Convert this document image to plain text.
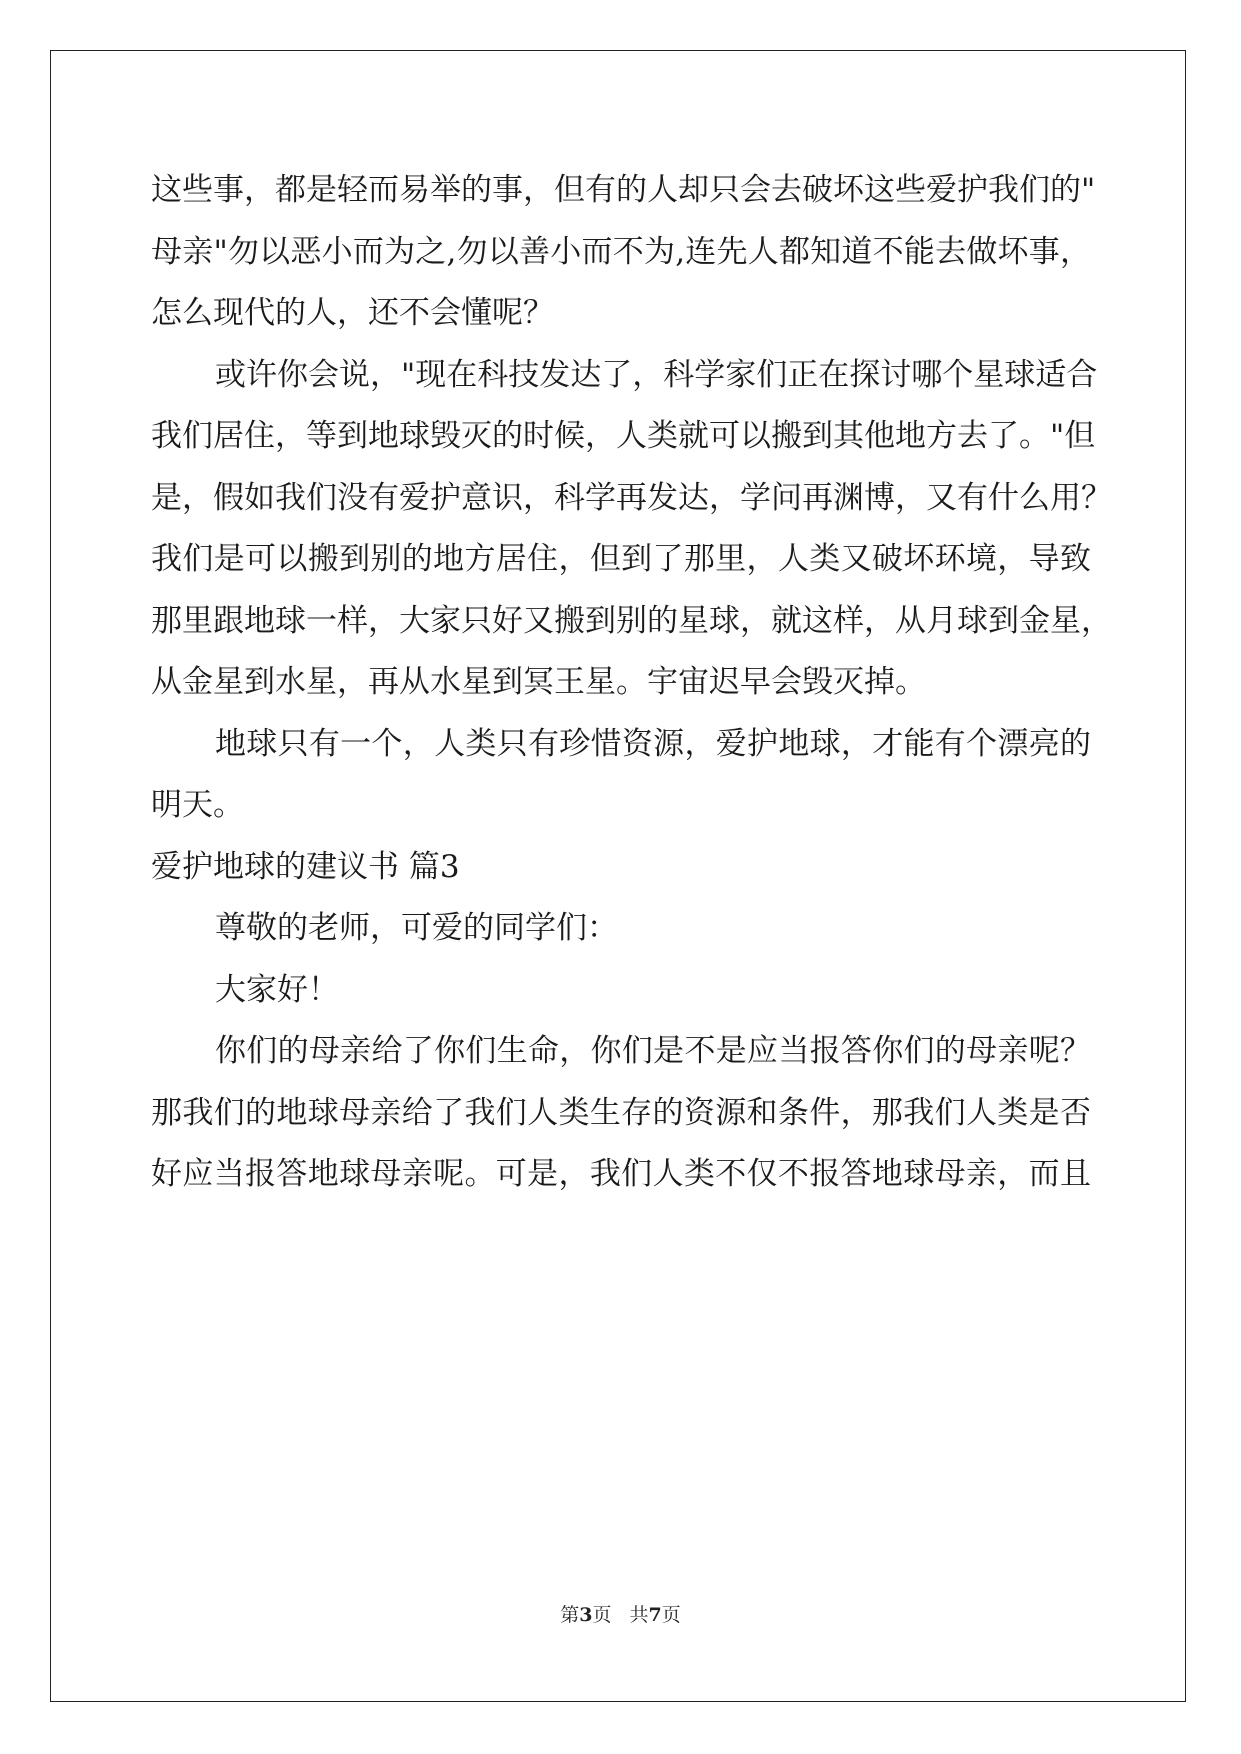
这些事，都是轻而易举的事，但有的人却只会去破坏这些爱护我们的"
母亲"勿以恶小而为之,勿以善小而不为,连先人都知道不能去做坏事，
怎么现代的人，还不会懂呢？
或许你会说，"现在科技发达了，科学家们正在探讨哪个星球适合
我们居住，等到地球毁灭的时候，人类就可以搬到其他地方去了。"但
是，假如我们没有爱护意识，科学再发达，学问再渊博，又有什么用？
我们是可以搬到别的地方居住，但到了那里，人类又破坏环境，导致
那里跟地球一样，大家只好又搬到别的星球，就这样，从月球到金星，
从金星到水星，再从水星到冥王星。宇宙迟早会毁灭掉。
地球只有一个，人类只有珍惜资源，爱护地球，才能有个漂亮的
明天。
爱护地球的建议书 篇3
尊敬的老师，可爱的同学们：
大家好！
你们的母亲给了你们生命，你们是不是应当报答你们的母亲呢？
那我们的地球母亲给了我们人类生存的资源和条件，那我们人类是否
好应当报答地球母亲呢。可是，我们人类不仅不报答地球母亲，而且
第3页 共7页
